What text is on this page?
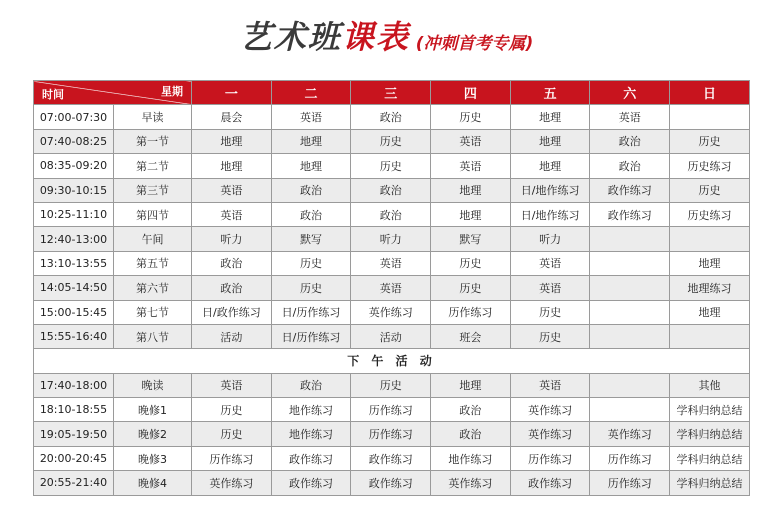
艺术班 课表 (冲刺首考专属)
星期
时间		一	二	三	四	五	六	日
07:00-07:30	早读	晨会	英语	政治	历史	地理	英语	
07:40-08:25	第一节	地理	地理	历史	英语	地理	政治	历史
08:35-09:20	第二节	地理	地理	历史	英语	地理	政治	历史练习
09:30-10:15	第三节	英语	政治	政治	地理	日/地作练习	政作练习	历史
10:25-11:10	第四节	英语	政治	政治	地理	日/地作练习	政作练习	历史练习
12:40-13:00	午间	听力	默写	听力	默写	听力		
13:10-13:55	第五节	政治	历史	英语	历史	英语		地理
14:05-14:50	第六节	政治	历史	英语	历史	英语		地理练习
15:00-15:45	第七节	日/政作练习	日/历作练习	英作练习	历作练习	历史		地理
15:55-16:40	第八节	活动	日/历作练习	活动	班会	历史		
下 午 活 动								
17:40-18:00	晚读	英语	政治	历史	地理	英语		其他
18:10-18:55	晚修1	历史	地作练习	历作练习	政治	英作练习		学科归纳总结
19:05-19:50	晚修2	历史	地作练习	历作练习	政治	英作练习	英作练习	学科归纳总结
20:00-20:45	晚修3	历作练习	政作练习	政作练习	地作练习	历作练习	历作练习	学科归纳总结
20:55-21:40	晚修4	英作练习	政作练习	政作练习	英作练习	政作练习	历作练习	学科归纳总结
